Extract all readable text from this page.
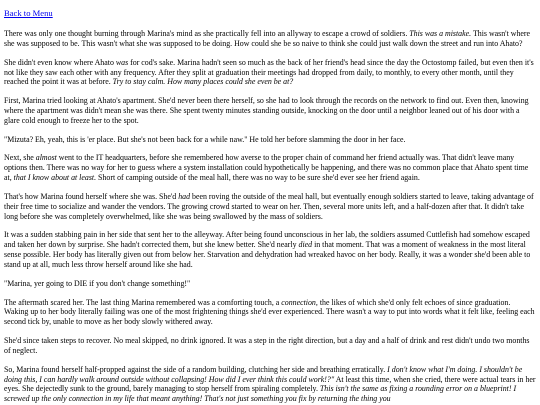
Back to Menu

There was only one thought burning through Marina's mind as she practically fell into an allyway to escape a crowd of soldiers. This was a mistake. This wasn't where she was supposed to be. This wasn't what she was supposed to be doing. How could she be so naive to think she could just walk down the street and run into Ahato?

She didn't even know where Ahato was for cod's sake. Marina hadn't seen so much as the back of her friend's head since the day the Octostomp failed, but even then it's not like they saw each other with any frequency. After they split at graduation their meetings had dropped from daily, to monthly, to every other month, until they reached the point it was at before. Try to stay calm. How many places could she even be at?

First, Marina tried looking at Ahato's apartment. She'd never been there herself, so she had to look through the records on the network to find out. Even then, knowing where the apartment was didn't mean she was there. She spent twenty minutes standing outside, knocking on the door until a neighbor leaned out of his door with a glare cold enough to freeze her to the spot.

"Mizuta? Eh, yeah, this is 'er place. But she's not been back for a while naw." He told her before slamming the door in her face.

Next, she almost went to the IT headquarters, before she remembered how averse to the proper chain of command her friend actually was. That didn't leave many options then. There was no way for her to guess where a system installation could hypothetically be happening, and there was no common place that Ahato spent time at, that I know about at least. Short of camping outside of the meal hall, there was no way to be sure she'd ever see her friend again.

That's how Marina found herself where she was. She'd had been roving the outside of the meal hall, but eventually enough soldiers started to leave, taking advantage of their free time to socialize and wander the vendors. The growing crowd started to wear on her. Then, several more units left, and a half-dozen after that. It didn't take long before she was completely overwhelmed, like she was being swallowed by the mass of soldiers.

It was a sudden stabbing pain in her side that sent her to the alleyway. After being found unconscious in her lab, the soldiers assumed Cuttlefish had somehow escaped and taken her down by surprise. She hadn't corrected them, but she knew better. She'd nearly died in that moment. That was a moment of weakness in the most literal sense possible. Her body has literally given out from below her. Starvation and dehydration had wreaked havoc on her body. Really, it was a wonder she'd been able to stand up at all, much less throw herself around like she had.

"Marina, yer going to DIE if you don't change something!"

The aftermath scared her. The last thing Marina remembered was a comforting touch, a connection, the likes of which she'd only felt echoes of since graduation. Waking up to her body literally failing was one of the most frightening things she'd ever experienced. There wasn't a way to put into words what it felt like, feeling each second tick by, unable to move as her body slowly withered away.

She'd since taken steps to recover. No meal skipped, no drink ignored. It was a step in the right direction, but a day and a half of drink and rest didn't undo two months of neglect.

So, Marina found herself half-propped against the side of a random building, clutching her side and breathing erratically. I don't know what I'm doing. I shouldn't be doing this, I can hardly walk around outside without collapsing! How did I ever think this could work!?" At least this time, when she cried, there were actual tears in her eyes. She dejectedly sunk to the ground, barely managing to stop herself from spiraling completely. This isn't the same as fixing a rounding error on a blueprint! I screwed up the only connection in my life that meant anything! That's not just something you fix by returning the thing you
